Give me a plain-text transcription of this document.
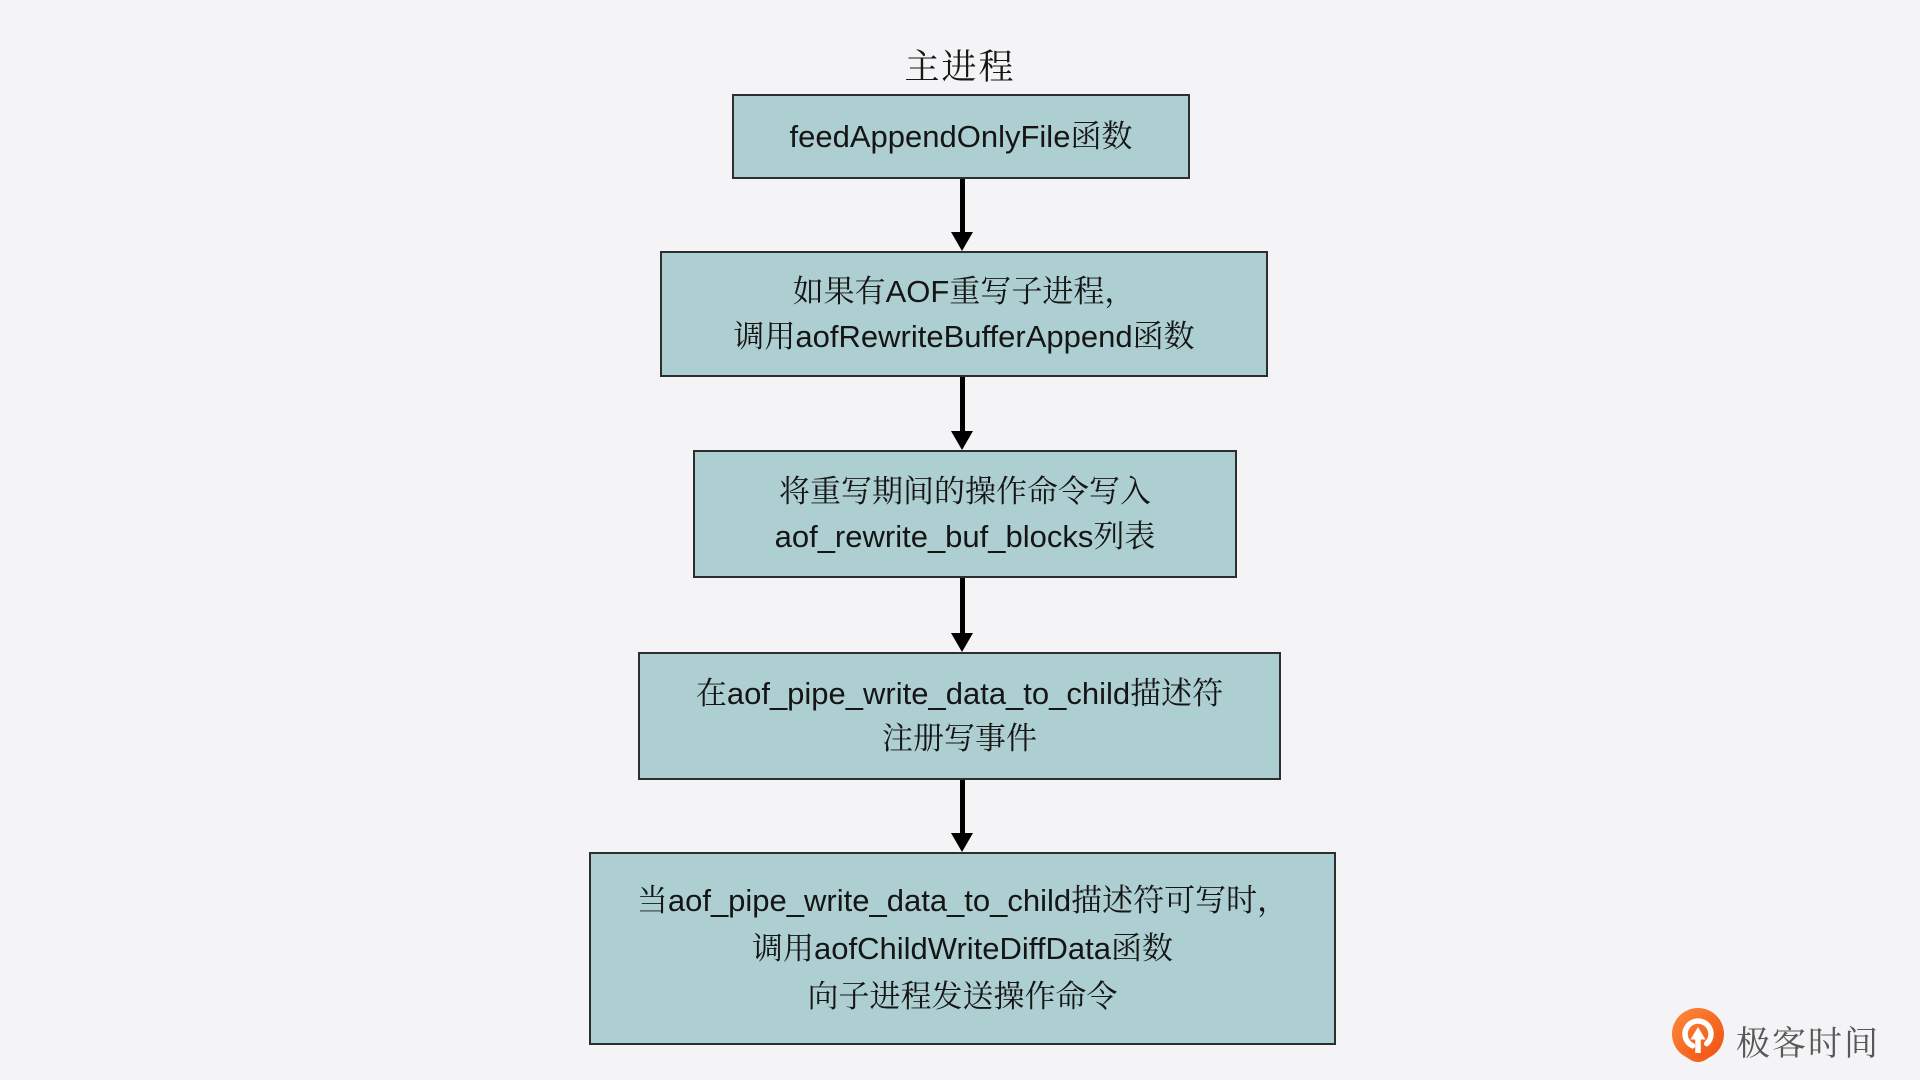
主进程
feedAppendOnlyFile函数
如果有AOF重写子进程，
调用aofRewriteBufferAppend函数
将重写期间的操作命令写入
aof_rewrite_buf_blocks列表
在aof_pipe_write_data_to_child描述符
注册写事件
当aof_pipe_write_data_to_child描述符可写时，
调用aofChildWriteDiffData函数
向子进程发送操作命令
极客时间
